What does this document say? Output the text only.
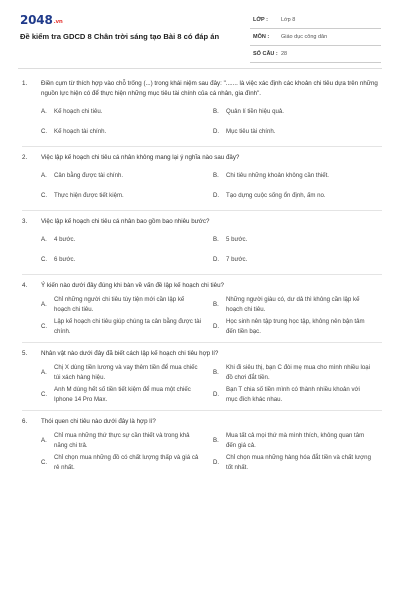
2048.vn
Đề kiểm tra GDCD 8 Chân trời sáng tạo Bài 8 có đáp án
LỚP :	Lớp 8
MÔN :	Giáo dục công dân
SỐ CÂU : 28
1.	Điền cụm từ thích hợp vào chỗ trống (...) trong khái niệm sau đây: "....... là việc xác định các khoản chi tiêu dựa trên những nguồn lực hiện có để thực hiện những mục tiêu tài chính của cá nhân, gia đình".
A.	Kế hoạch chi tiêu.	B.	Quản lí tiền hiệu quả.
C.	Kế hoạch tài chính.	D.	Mục tiêu tài chính.
2.	Việc lập kế hoạch chi tiêu cá nhân không mang lại ý nghĩa nào sau đây?
A.	Cân bằng được tài chính.	B.	Chi tiêu những khoản không cần thiết.
C.	Thực hiện được tiết kiệm.	D.	Tạo dựng cuộc sống ổn định, ấm no.
3.	Việc lập kế hoạch chi tiêu cá nhân bao gồm bao nhiêu bước?
A.	4 bước.	B.	5 bước.
C.	6 bước.	D.	7 bước.
4.	Ý kiến nào dưới đây đúng khi bàn về vấn đề lập kế hoạch chi tiêu?
A.
Chỉ những người chi tiêu tùy tiện mới cần lập kế hoạch chi tiêu.
B.
Những người giàu có, dư dả thì không cần lập kế hoạch chi tiêu.
C.
Lập kế hoạch chi tiêu giúp chúng ta cân bằng được tài chính.
D.
Học sinh nên tập trung học tập, không nên bận tâm đến tiền bạc.
5.	Nhân vật nào dưới đây đã biết cách lập kế hoạch chi tiêu hợp lí?
A.
Chị X dùng tiền lương và vay thêm tiền để mua chiếc túi xách hàng hiệu.
B.
Khi đi siêu thị, bạn C đòi mẹ mua cho mình nhiều loại đồ chơi đắt tiền.
C.
Anh M dùng hết số tiền tiết kiệm để mua một chiếc Iphone 14 Pro Max.
D.
Bạn T chia số tiền mình có thành nhiều khoản với mục đích khác nhau.
6.	Thói quen chi tiêu nào dưới đây là hợp lí?
A.
Chỉ mua những thứ thực sự cần thiết và trong khả năng chi trả.
B.
Mua tất cả mọi thứ mà mình thích, không quan tâm đến giá cả.
C.
Chỉ chọn mua những đồ có chất lượng thấp và giá cả rẻ nhất.
D.
Chỉ chọn mua những hàng hóa đắt tiền và chất lượng tốt nhất.
